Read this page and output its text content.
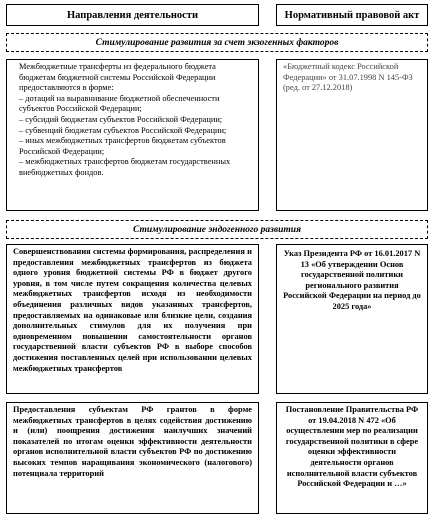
Направления деятельности	Нормативный правовой акт
Стимулирование развития за счет экзогенных факторов

Межбюджетные трансферты из федерального бюджета бюджетам бюджетной системы Российской Федерации предоставляются в форме:

– дотаций на выравнивание бюджетной обеспеченности субъектов Российской Федерации;
– субсидий бюджетам субъектов Российской Федерации;
– субвенций бюджетам субъектов Российской Федерации;
– иных межбюджетных трансфертов бюджетам субъектов Российской Федерации;
– межбюджетных трансфертов бюджетам государственных внебюджетных фондов.

«Бюджетный кодекс Российской Федерации» от 31.07.1998 N 145-ФЗ (ред. от 27.12.2018)

Стимулирование эндогенного развития

Совершенствования системы формирования, распределения и предоставления межбюджетных трансфертов из бюджета одного уровня бюджетной системы РФ в бюджет другого уровня, в том числе путем сокращения количества целевых межбюджетных трансфертов исходя из необходимости объединения различных видов указанных трансфертов, предоставляемых на одинаковые или близкие цели, создания дополнительных стимулов для их получения при одновременном повышении самостоятельности органов государственной власти субъектов РФ в выборе способов достижения поставленных целей при использовании целевых межбюджетных трансфертов

Указ Президента РФ от 16.01.2017 N 13 «Об утверждении Основ государственной политики регионального развития Российской Федерации на период до 2025 года»

Предоставления субъектам РФ грантов в форме межбюджетных трансфертов в целях содействия достижению и (или) поощрения достижения наилучших значений показателей по итогам оценки эффективности деятельности органов исполнительной власти субъектов РФ по достижению высоких темпов наращивания экономического (налогового) потенциала территорий

Постановление Правительства РФ от 19.04.2018 N 472 «Об осуществлении мер по реализации государственной политики в сфере оценки эффективности деятельности органов исполнительной власти субъектов Российской Федерации и …»
